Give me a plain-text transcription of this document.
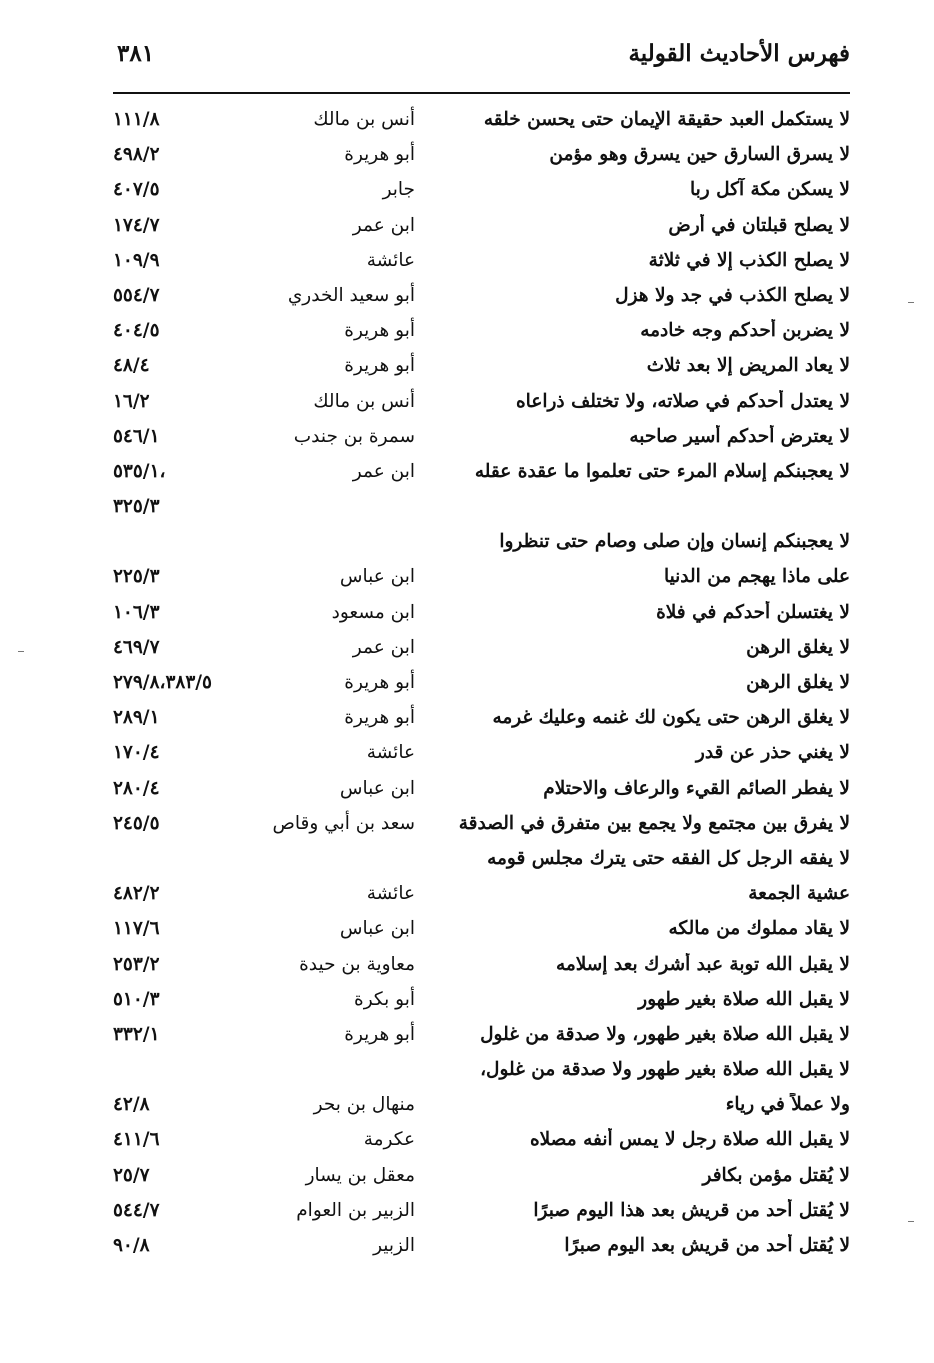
فهرس الأحاديث القولية
٣٨١
لا يستكمل العبد حقيقة الإيمان حتى يحسن خلقه
أنس بن مالك
١١١/٨
لا يسرق السارق حين يسرق وهو مؤمن
أبو هريرة
٤٩٨/٢
لا يسكن مكة آكل ربا
جابر
٤٠٧/٥
لا يصلح قبلتان في أرض
ابن عمر
١٧٤/٧
لا يصلح الكذب إلا في ثلاثة
عائشة
١٠٩/٩
لا يصلح الكذب في جد ولا هزل
أبو سعيد الخدري
٥٥٤/٧
لا يضربن أحدكم وجه خادمه
أبو هريرة
٤٠٤/٥
لا يعاد المريض إلا بعد ثلاث
أبو هريرة
٤٨/٤
لا يعتدل أحدكم في صلاته، ولا تختلف ذراعاه
أنس بن مالك
١٦/٢
لا يعترض أحدكم أسير صاحبه
سمرة بن جندب
٥٤٦/١
لا يعجبنكم إسلام المرء حتى تعلموا ما عقدة عقله
ابن عمر
٥٣٥/١،
٣٢٥/٣
لا يعجبنكم إنسان وإن صلى وصام حتى تنظروا
على ماذا يهجم من الدنيا
ابن عباس
٢٢٥/٣
لا يغتسلن أحدكم في فلاة
ابن مسعود
١٠٦/٣
لا يغلق الرهن
ابن عمر
٤٦٩/٧
لا يغلق الرهن
أبو هريرة
٢٧٩/٨،٣٨٣/٥
لا يغلق الرهن حتى يكون لك غنمه وعليك غرمه
أبو هريرة
٢٨٩/١
لا يغني حذر عن قدر
عائشة
١٧٠/٤
لا يفطر الصائم القيء والرعاف والاحتلام
ابن عباس
٢٨٠/٤
لا يفرق بين مجتمع ولا يجمع بين متفرق في الصدقة
سعد بن أبي وقاص
٢٤٥/٥
لا يفقه الرجل كل الفقه حتى يترك مجلس قومه
عشية الجمعة
عائشة
٤٨٢/٢
لا يقاد مملوك من مالكه
ابن عباس
١١٧/٦
لا يقبل الله توبة عبد أشرك بعد إسلامه
معاوية بن حيدة
٢٥٣/٢
لا يقبل الله صلاة بغير طهور
أبو بكرة
٥١٠/٣
لا يقبل الله صلاة بغير طهور، ولا صدقة من غلول
أبو هريرة
٣٣٢/١
لا يقبل الله صلاة بغير طهور ولا صدقة من غلول،
ولا عملاً في رياء
منهال بن بحر
٤٢/٨
لا يقبل الله صلاة رجل لا يمس أنفه مصلاه
عكرمة
٤١١/٦
لا يُقتل مؤمن بكافر
معقل بن يسار
٢٥/٧
لا يُقتل أحد من قريش بعد هذا اليوم صبرًا
الزبير بن العوام
٥٤٤/٧
لا يُقتل أحد من قريش بعد اليوم صبرًا
الزبير
٩٠/٨
